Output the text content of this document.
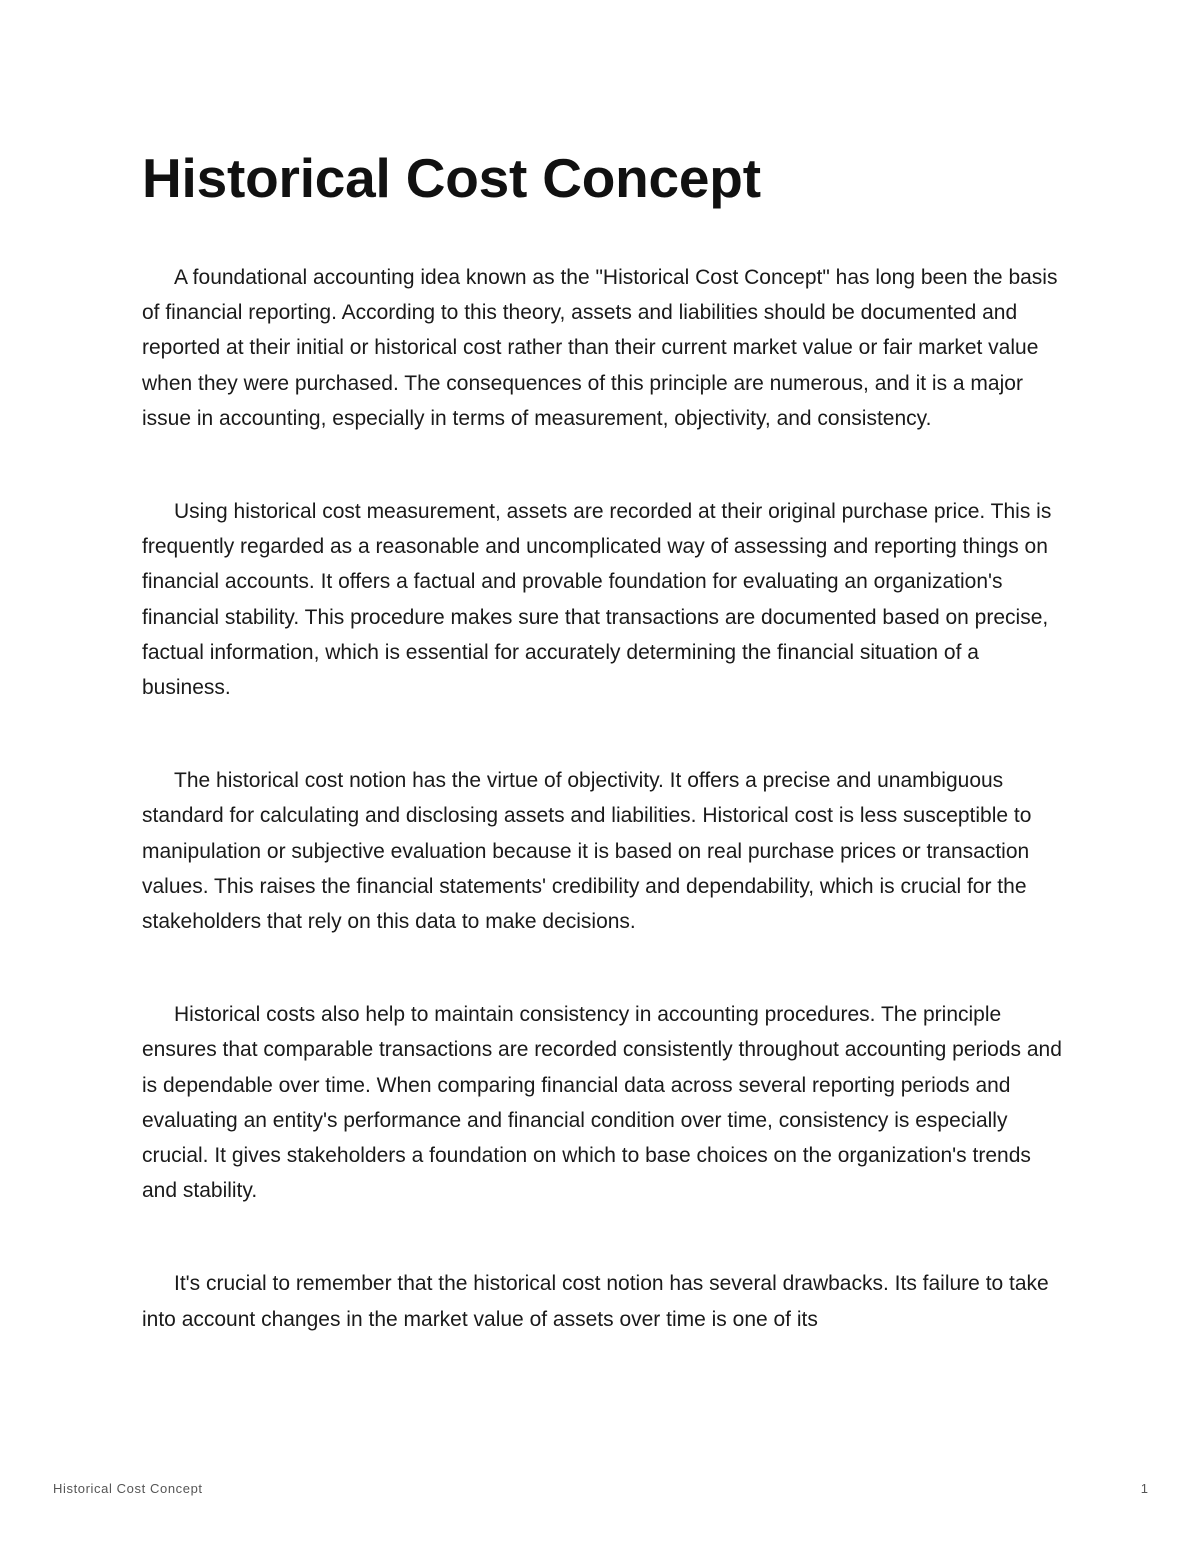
Historical Cost Concept

A foundational accounting idea known as the "Historical Cost Concept" has long been the basis of financial reporting. According to this theory, assets and liabilities should be documented and reported at their initial or historical cost rather than their current market value or fair market value when they were purchased. The consequences of this principle are numerous, and it is a major issue in accounting, especially in terms of measurement, objectivity, and consistency.

Using historical cost measurement, assets are recorded at their original purchase price. This is frequently regarded as a reasonable and uncomplicated way of assessing and reporting things on financial accounts. It offers a factual and provable foundation for evaluating an organization's financial stability. This procedure makes sure that transactions are documented based on precise, factual information, which is essential for accurately determining the financial situation of a business.

The historical cost notion has the virtue of objectivity. It offers a precise and unambiguous standard for calculating and disclosing assets and liabilities. Historical cost is less susceptible to manipulation or subjective evaluation because it is based on real purchase prices or transaction values. This raises the financial statements' credibility and dependability, which is crucial for the stakeholders that rely on this data to make decisions.

Historical costs also help to maintain consistency in accounting procedures. The principle ensures that comparable transactions are recorded consistently throughout accounting periods and is dependable over time. When comparing financial data across several reporting periods and evaluating an entity's performance and financial condition over time, consistency is especially crucial. It gives stakeholders a foundation on which to base choices on the organization's trends and stability.

It's crucial to remember that the historical cost notion has several drawbacks. Its failure to take into account changes in the market value of assets over time is one of its

Historical Cost Concept	1
